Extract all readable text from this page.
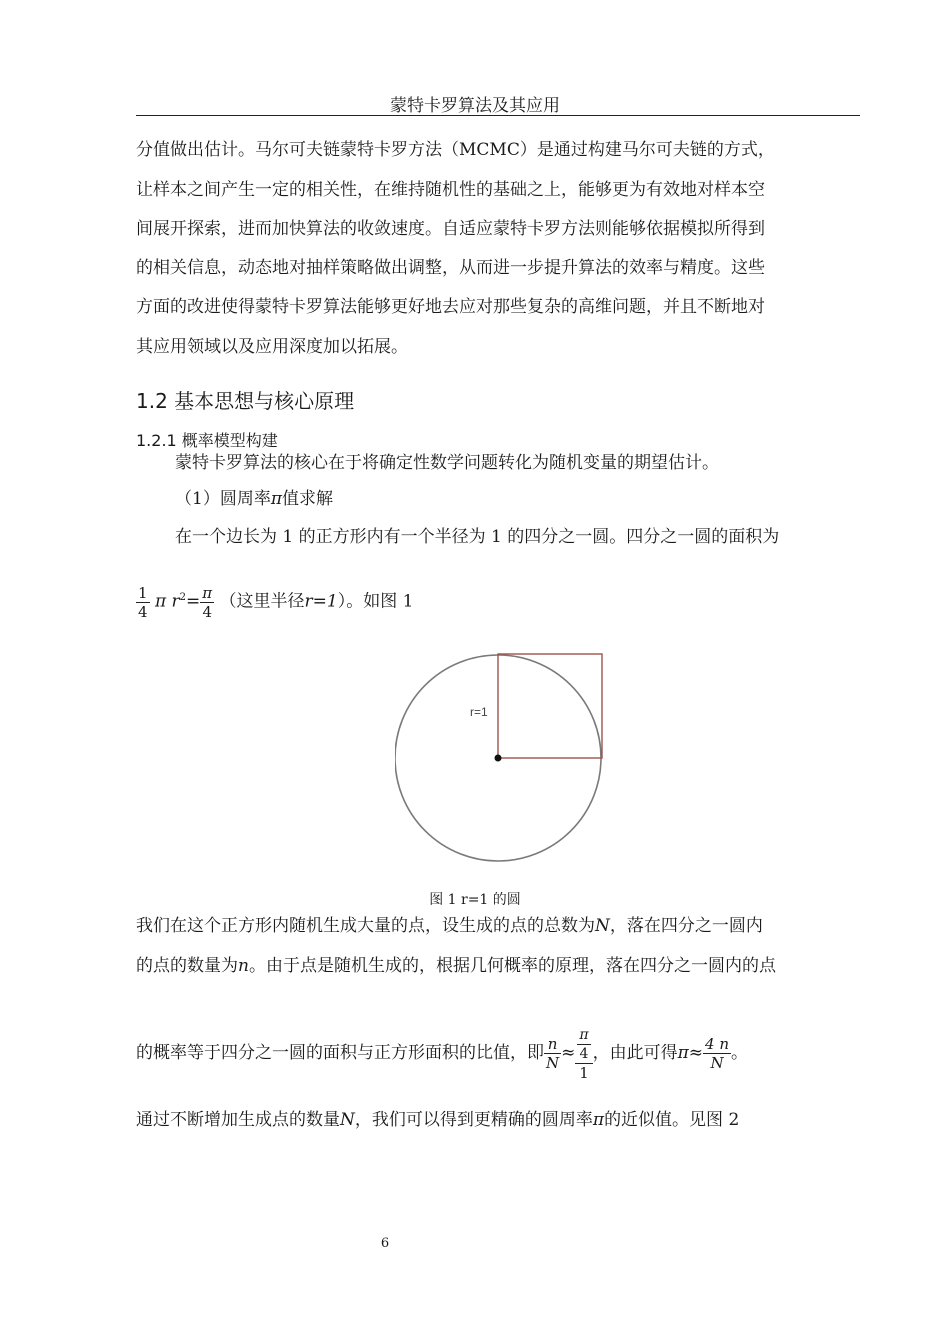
蒙特卡罗算法及其应用
分值做出估计。马尔可夫链蒙特卡罗方法（MCMC）是通过构建马尔可夫链的方式，
让样本之间产生一定的相关性，在维持随机性的基础之上，能够更为有效地对样本空
间展开探索，进而加快算法的收敛速度。自适应蒙特卡罗方法则能够依据模拟所得到
的相关信息，动态地对抽样策略做出调整，从而进一步提升算法的效率与精度。这些
方面的改进使得蒙特卡罗算法能够更好地去应对那些复杂的高维问题，并且不断地对
其应用领域以及应用深度加以拓展。
1.2 基本思想与核心原理
1.2.1 概率模型构建
蒙特卡罗算法的核心在于将确定性数学问题转化为随机变量的期望估计。
（1）圆周率π值求解
在一个边长为 1 的正方形内有一个半径为 1 的四分之一圆。四分之一圆的面积为
$\frac{1}{4}$ π $r^2= \frac{\pi}{4}$ （这里半径r=1）。如图 1
r=1
图 1 r=1 的圆
我们在这个正方形内随机生成大量的点，设生成的点的总数为N，落在四分之一圆内
的点的数量为n。由于点是随机生成的，根据几何概率的原理，落在四分之一圆内的点
的概率等于四分之一圆的面积与正方形面积的比值，即 $\frac{n}{N} \approx \frac{\frac{\pi}{4}}{1}$ ，由此可得$\pi\approx \frac{4 n}{N}$ 。
通过不断增加生成点的数量N，我们可以得到更精确的圆周率π的近似值。见图 2
6
